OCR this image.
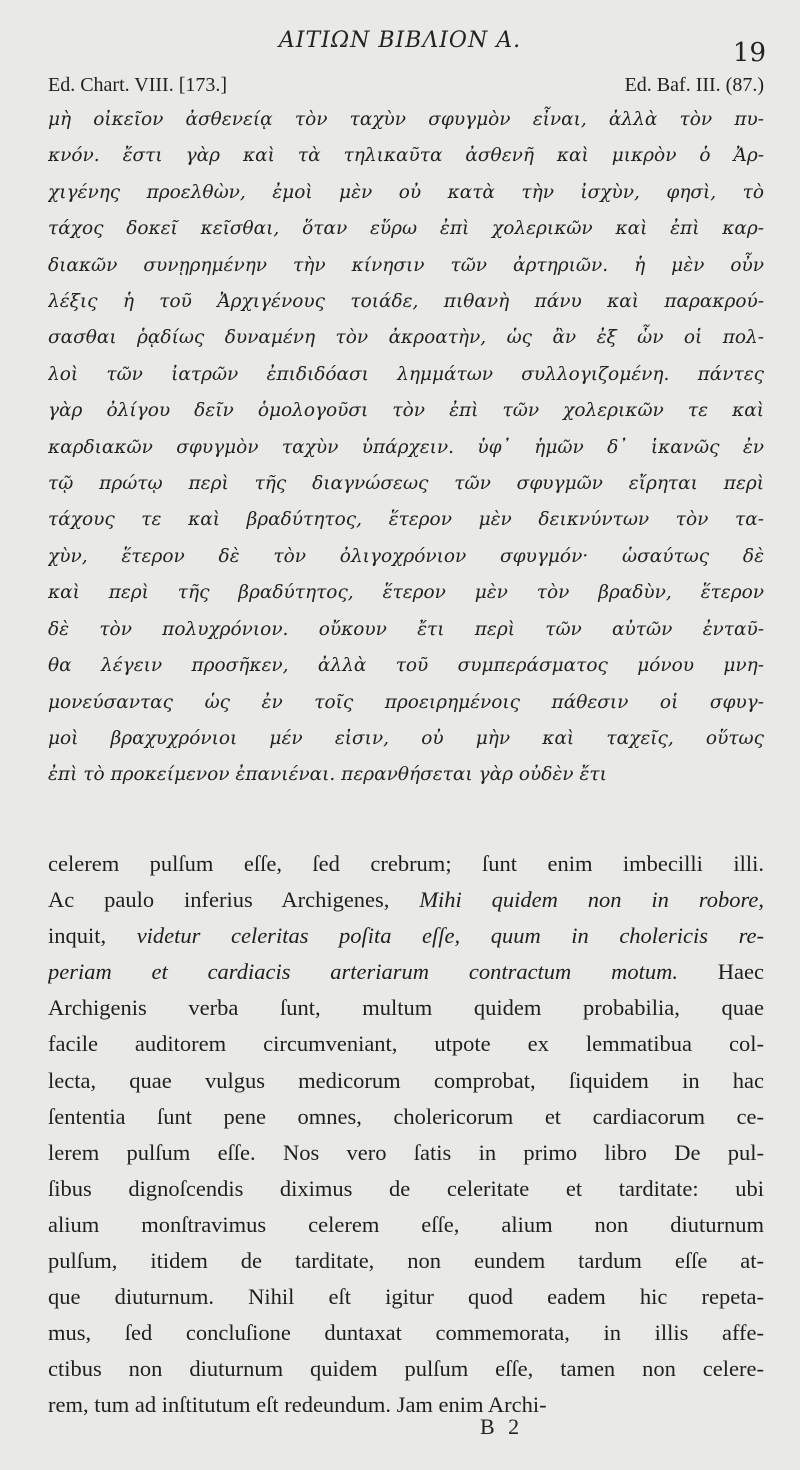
ΑΙΤΙΩΝ ΒΙΒΛΙΟΝ Α.	19
Ed. Chart. VIII. [173.]	Ed. Baf. III. (87.)
μὴ οἰκεῖον ἀσθενείᾳ τὸν ταχὺν σφυγμὸν εἶναι, ἀλλὰ τὸν πυ-
κνόν. ἔστι γὰρ καὶ τὰ τηλικαῦτα ἀσθενῆ καὶ μικρὸν ὁ Ἀρ-
χιγένης προελθὼν, ἐμοὶ μὲν οὐ κατὰ τὴν ἰσχὺν, φησὶ, τὸ
τάχος δοκεῖ κεῖσθαι, ὅταν εὕρω ἐπὶ χολερικῶν καὶ ἐπὶ καρ-
διακῶν συνῃρημένην τὴν κίνησιν τῶν ἀρτηριῶν. ἡ μὲν οὖν
λέξις ἡ τοῦ Ἀρχιγένους τοιάδε, πιθανὴ πάνυ καὶ παρακρού-
σασθαι ῥᾳδίως δυναμένη τὸν ἀκροατὴν, ὡς ἂν ἐξ ὧν οἱ πολ-
λοὶ τῶν ἰατρῶν ἐπιδιδόασι λημμάτων συλλογιζομένη. πάντες
γὰρ ὀλίγου δεῖν ὁμολογοῦσι τὸν ἐπὶ τῶν χολερικῶν τε καὶ
καρδιακῶν σφυγμὸν ταχὺν ὑπάρχειν. ὑφ᾽ ἡμῶν δ᾽ ἱκανῶς ἐν
τῷ πρώτῳ περὶ τῆς διαγνώσεως τῶν σφυγμῶν εἴρηται περὶ
τάχους τε καὶ βραδύτητος, ἕτερον μὲν δεικνύντων τὸν τα-
χὺν, ἕτερον δὲ τὸν ὀλιγοχρόνιον σφυγμόν· ὡσαύτως δὲ
καὶ περὶ τῆς βραδύτητος, ἕτερον μὲν τὸν βραδὺν, ἕτερον
δὲ τὸν πολυχρόνιον. οὔκουν ἔτι περὶ τῶν αὐτῶν ἐνταῦ-
θα λέγειν προσῆκεν, ἀλλὰ τοῦ συμπεράσματος μόνου μνη-
μονεύσαντας ὡς ἐν τοῖς προειρημένοις πάθεσιν οἱ σφυγ-
μοὶ βραχυχρόνιοι μέν εἰσιν, οὐ μὴν καὶ ταχεῖς, οὕτως
ἐπὶ τὸ προκείμενον ἐπανιέναι. περανθήσεται γὰρ οὐδὲν ἔτι
celerem pulſum eſſe, ſed crebrum; ſunt enim imbecilli illi.
Ac paulo inferius Archigenes, Mihi quidem non in robore,
inquit, videtur celeritas poſita eſſe, quum in cholericis re-
periam et cardiacis arteriarum contractum motum. Haec
Archigenis verba ſunt, multum quidem probabilia, quae
facile auditorem circumveniant, utpote ex lemmatibua col-
lecta, quae vulgus medicorum comprobat, ſiquidem in hac
ſententia ſunt pene omnes, cholericorum et cardiacorum ce-
lerem pulſum eſſe. Nos vero ſatis in primo libro De pul-
ſibus dignoſcendis diximus de celeritate et tarditate: ubi
alium monſtravimus celerem eſſe, alium non diuturnum
pulſum, itidem de tarditate, non eundem tardum eſſe at-
que diuturnum. Nihil eſt igitur quod eadem hic repeta-
mus, ſed concluſione duntaxat commemorata, in illis affe-
ctibus non diuturnum quidem pulſum eſſe, tamen non celere-
rem, tum ad inſtitutum eſt redeundum. Jam enim Archi-
B 2
